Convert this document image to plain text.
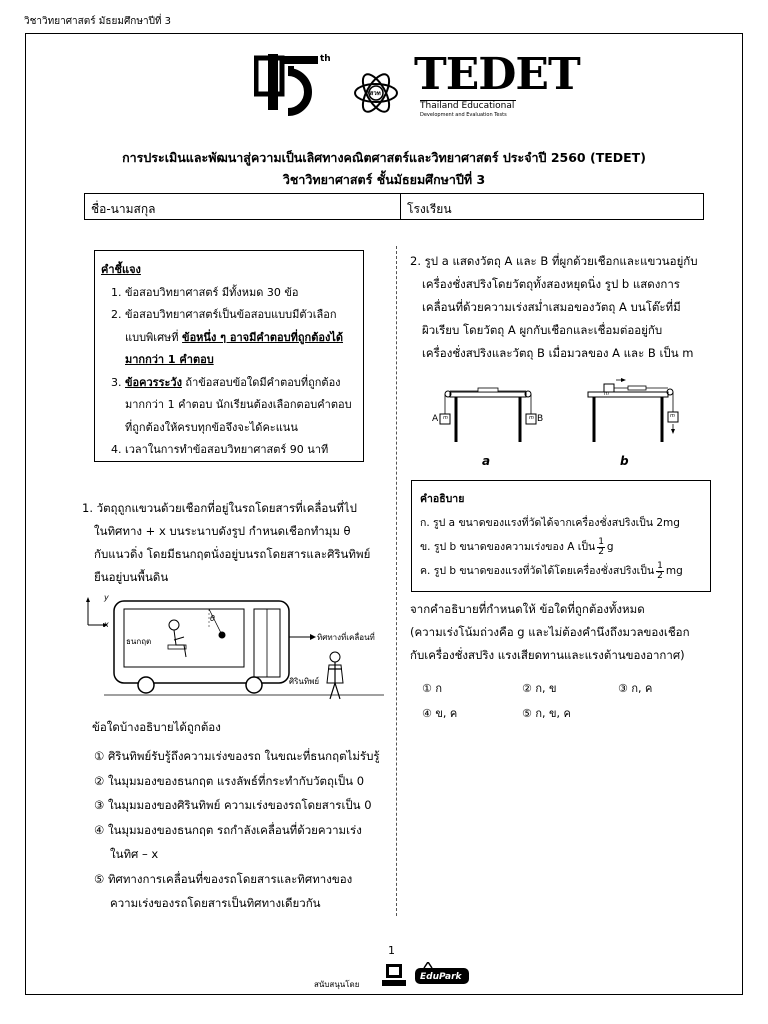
วิชาวิทยาศาสตร์ มัธยมศึกษาปีที่ 3
th
สสวท TEDET
Thailand Educational
Development and Evaluation Tests
การประเมินและพัฒนาสู่ความเป็นเลิศทางคณิตศาสตร์และวิทยาศาสตร์ ประจำปี 2560 (TEDET)
วิชาวิทยาศาสตร์ ชั้นมัธยมศึกษาปีที่ 3
ชื่อ-นามสกุล	โรงเรียน
คำชี้แจง
1. ข้อสอบวิทยาศาสตร์ มีทั้งหมด 30 ข้อ
2. ข้อสอบวิทยาศาสตร์เป็นข้อสอบแบบมีตัวเลือก
แบบพิเศษที่ ข้อหนึ่ง ๆ อาจมีคำตอบที่ถูกต้องได้
มากกว่า 1 คำตอบ
3. ข้อควรระวัง ถ้าข้อสอบข้อใดมีคำตอบที่ถูกต้อง
มากกว่า 1 คำตอบ นักเรียนต้องเลือกตอบคำตอบ
ที่ถูกต้องให้ครบทุกข้อจึงจะได้คะแนน
4. เวลาในการทำข้อสอบวิทยาศาสตร์ 90 นาที
1. วัตถุถูกแขวนด้วยเชือกที่อยู่ในรถโดยสารที่เคลื่อนที่ไป
ในทิศทาง + x บนระนาบดังรูป กำหนดเชือกทำมุม θ
กับแนวดิ่ง โดยมีธนกฤตนั่งอยู่บนรถโดยสารและศิรินทิพย์
ยืนอยู่บนพื้นดิน
y
x
ธนกฤต
θ
ทิศทางที่เคลื่อนที่
ศิรินทิพย์
ข้อใดบ้างอธิบายได้ถูกต้อง
① ศิรินทิพย์รับรู้ถึงความเร่งของรถ ในขณะที่ธนกฤตไม่รับรู้
② ในมุมมองของธนกฤต แรงลัพธ์ที่กระทำกับวัตถุเป็น 0
③ ในมุมมองของศิรินทิพย์ ความเร่งของรถโดยสารเป็น 0
④ ในมุมมองของธนกฤต รถกำลังเคลื่อนที่ด้วยความเร่ง
ในทิศ – x
⑤ ทิศทางการเคลื่อนที่ของรถโดยสารและทิศทางของ
ความเร่งของรถโดยสารเป็นทิศทางเดียวกัน
2. รูป a แสดงวัตถุ A และ B ที่ผูกด้วยเชือกและแขวนอยู่กับ
เครื่องชั่งสปริงโดยวัตถุทั้งสองหยุดนิ่ง รูป b แสดงการ
เคลื่อนที่ด้วยความเร่งสม่ำเสมอของวัตถุ A บนโต๊ะที่มี
ผิวเรียบ โดยวัตถุ A ผูกกับเชือกและเชื่อมต่ออยู่กับ
เครื่องชั่งสปริงและวัตถุ B เมื่อมวลของ A และ B เป็น m
A	B
m	m
a
m
m
b
คำอธิบาย
ก. รูป a ขนาดของแรงที่วัดได้จากเครื่องชั่งสปริงเป็น 2mg
ข. รูป b ขนาดของความเร่งของ A เป็น $\frac{1}{2}$ g
ค. รูป b ขนาดของแรงที่วัดได้โดยเครื่องชั่งสปริงเป็น $\frac{1}{2}$ mg
จากคำอธิบายที่กำหนดให้ ข้อใดที่ถูกต้องทั้งหมด
(ความเร่งโน้มถ่วงคือ g และไม่ต้องคำนึงถึงมวลของเชือก
กับเครื่องชั่งสปริง แรงเสียดทานและแรงต้านของอากาศ)
① ก	② ก, ข	③ ก, ค
④ ข, ค	⑤ ก, ข, ค
1
สนับสนุนโดย
EduPark
